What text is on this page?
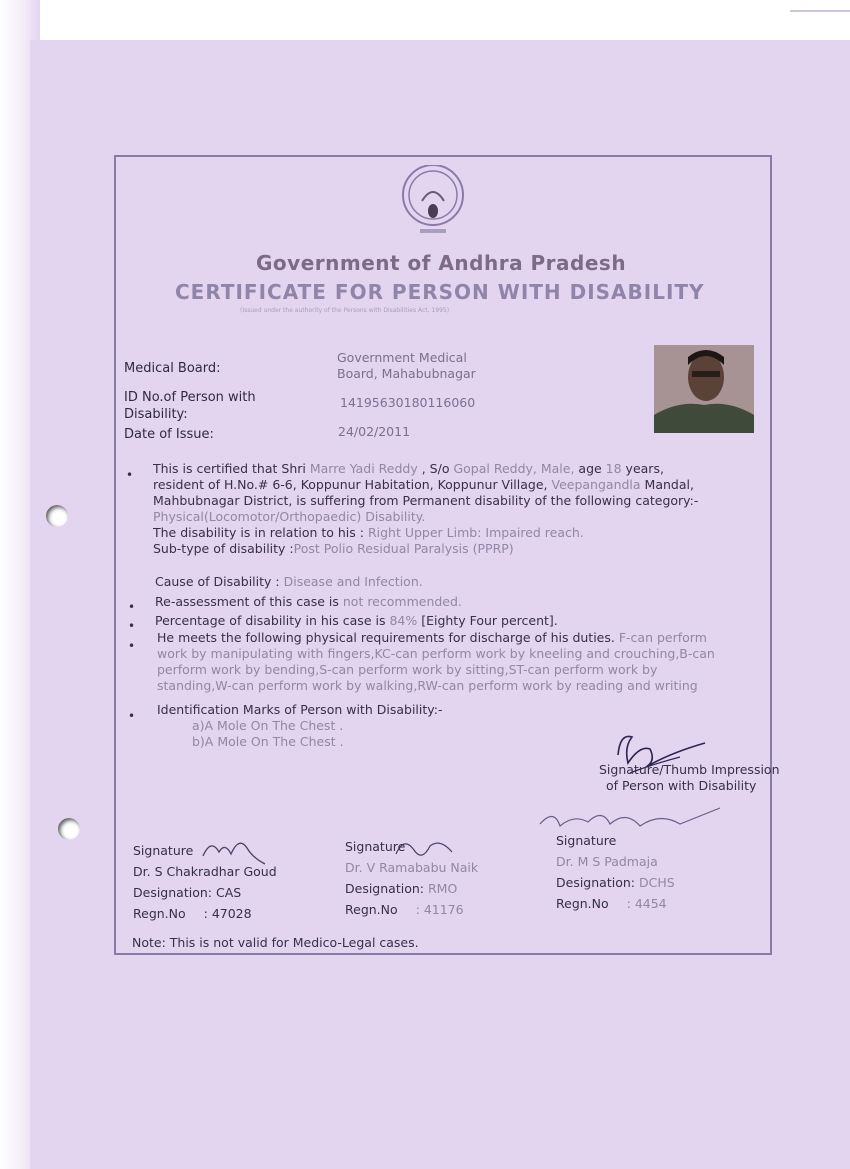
Government of Andhra Pradesh
CERTIFICATE FOR PERSON WITH DISABILITY
(Issued under the authority of the Persons with Disabilities Act, 1995)
Medical Board:
Government Medical
Board, Mahabubnagar
ID No.of Person with
Disability:
14195630180116060
Date of Issue:	24/02/2011
• This is certified that Shri Marre Yadi Reddy , S/o Gopal Reddy, Male, age 18 years,
resident of H.No.# 6-6, Koppunur Habitation, Koppunur Village, Veepangandla Mandal,
Mahbubnagar District, is suffering from Permanent disability of the following category:-
Physical(Locomotor/Orthopaedic) Disability.
The disability is in relation to his : Right Upper Limb: Impaired reach.
Sub-type of disability :Post Polio Residual Paralysis (PPRP)
Cause of Disability : Disease and Infection.
• Re-assessment of this case is not recommended.
• Percentage of disability in his case is 84% [Eighty Four percent].
•
He meets the following physical requirements for discharge of his duties. F-can perform
work by manipulating with fingers,KC-can perform work by kneeling and crouching,B-can
perform work by bending,S-can perform work by sitting,ST-can perform work by
standing,W-can perform work by walking,RW-can perform work by reading and writing
• Identification Marks of Person with Disability:-
a)A Mole On The Chest .
b)A Mole On The Chest .
Signature/Thumb Impression
of Person with Disability
Signature
Dr. S Chakradhar Goud
Designation: CAS
Regn.No : 47028
Signature
Dr. V Ramababu Naik
Designation: RMO
Regn.No : 41176
Signature
Dr. M S Padmaja
Designation: DCHS
Regn.No : 4454
Note: This is not valid for Medico-Legal cases.
